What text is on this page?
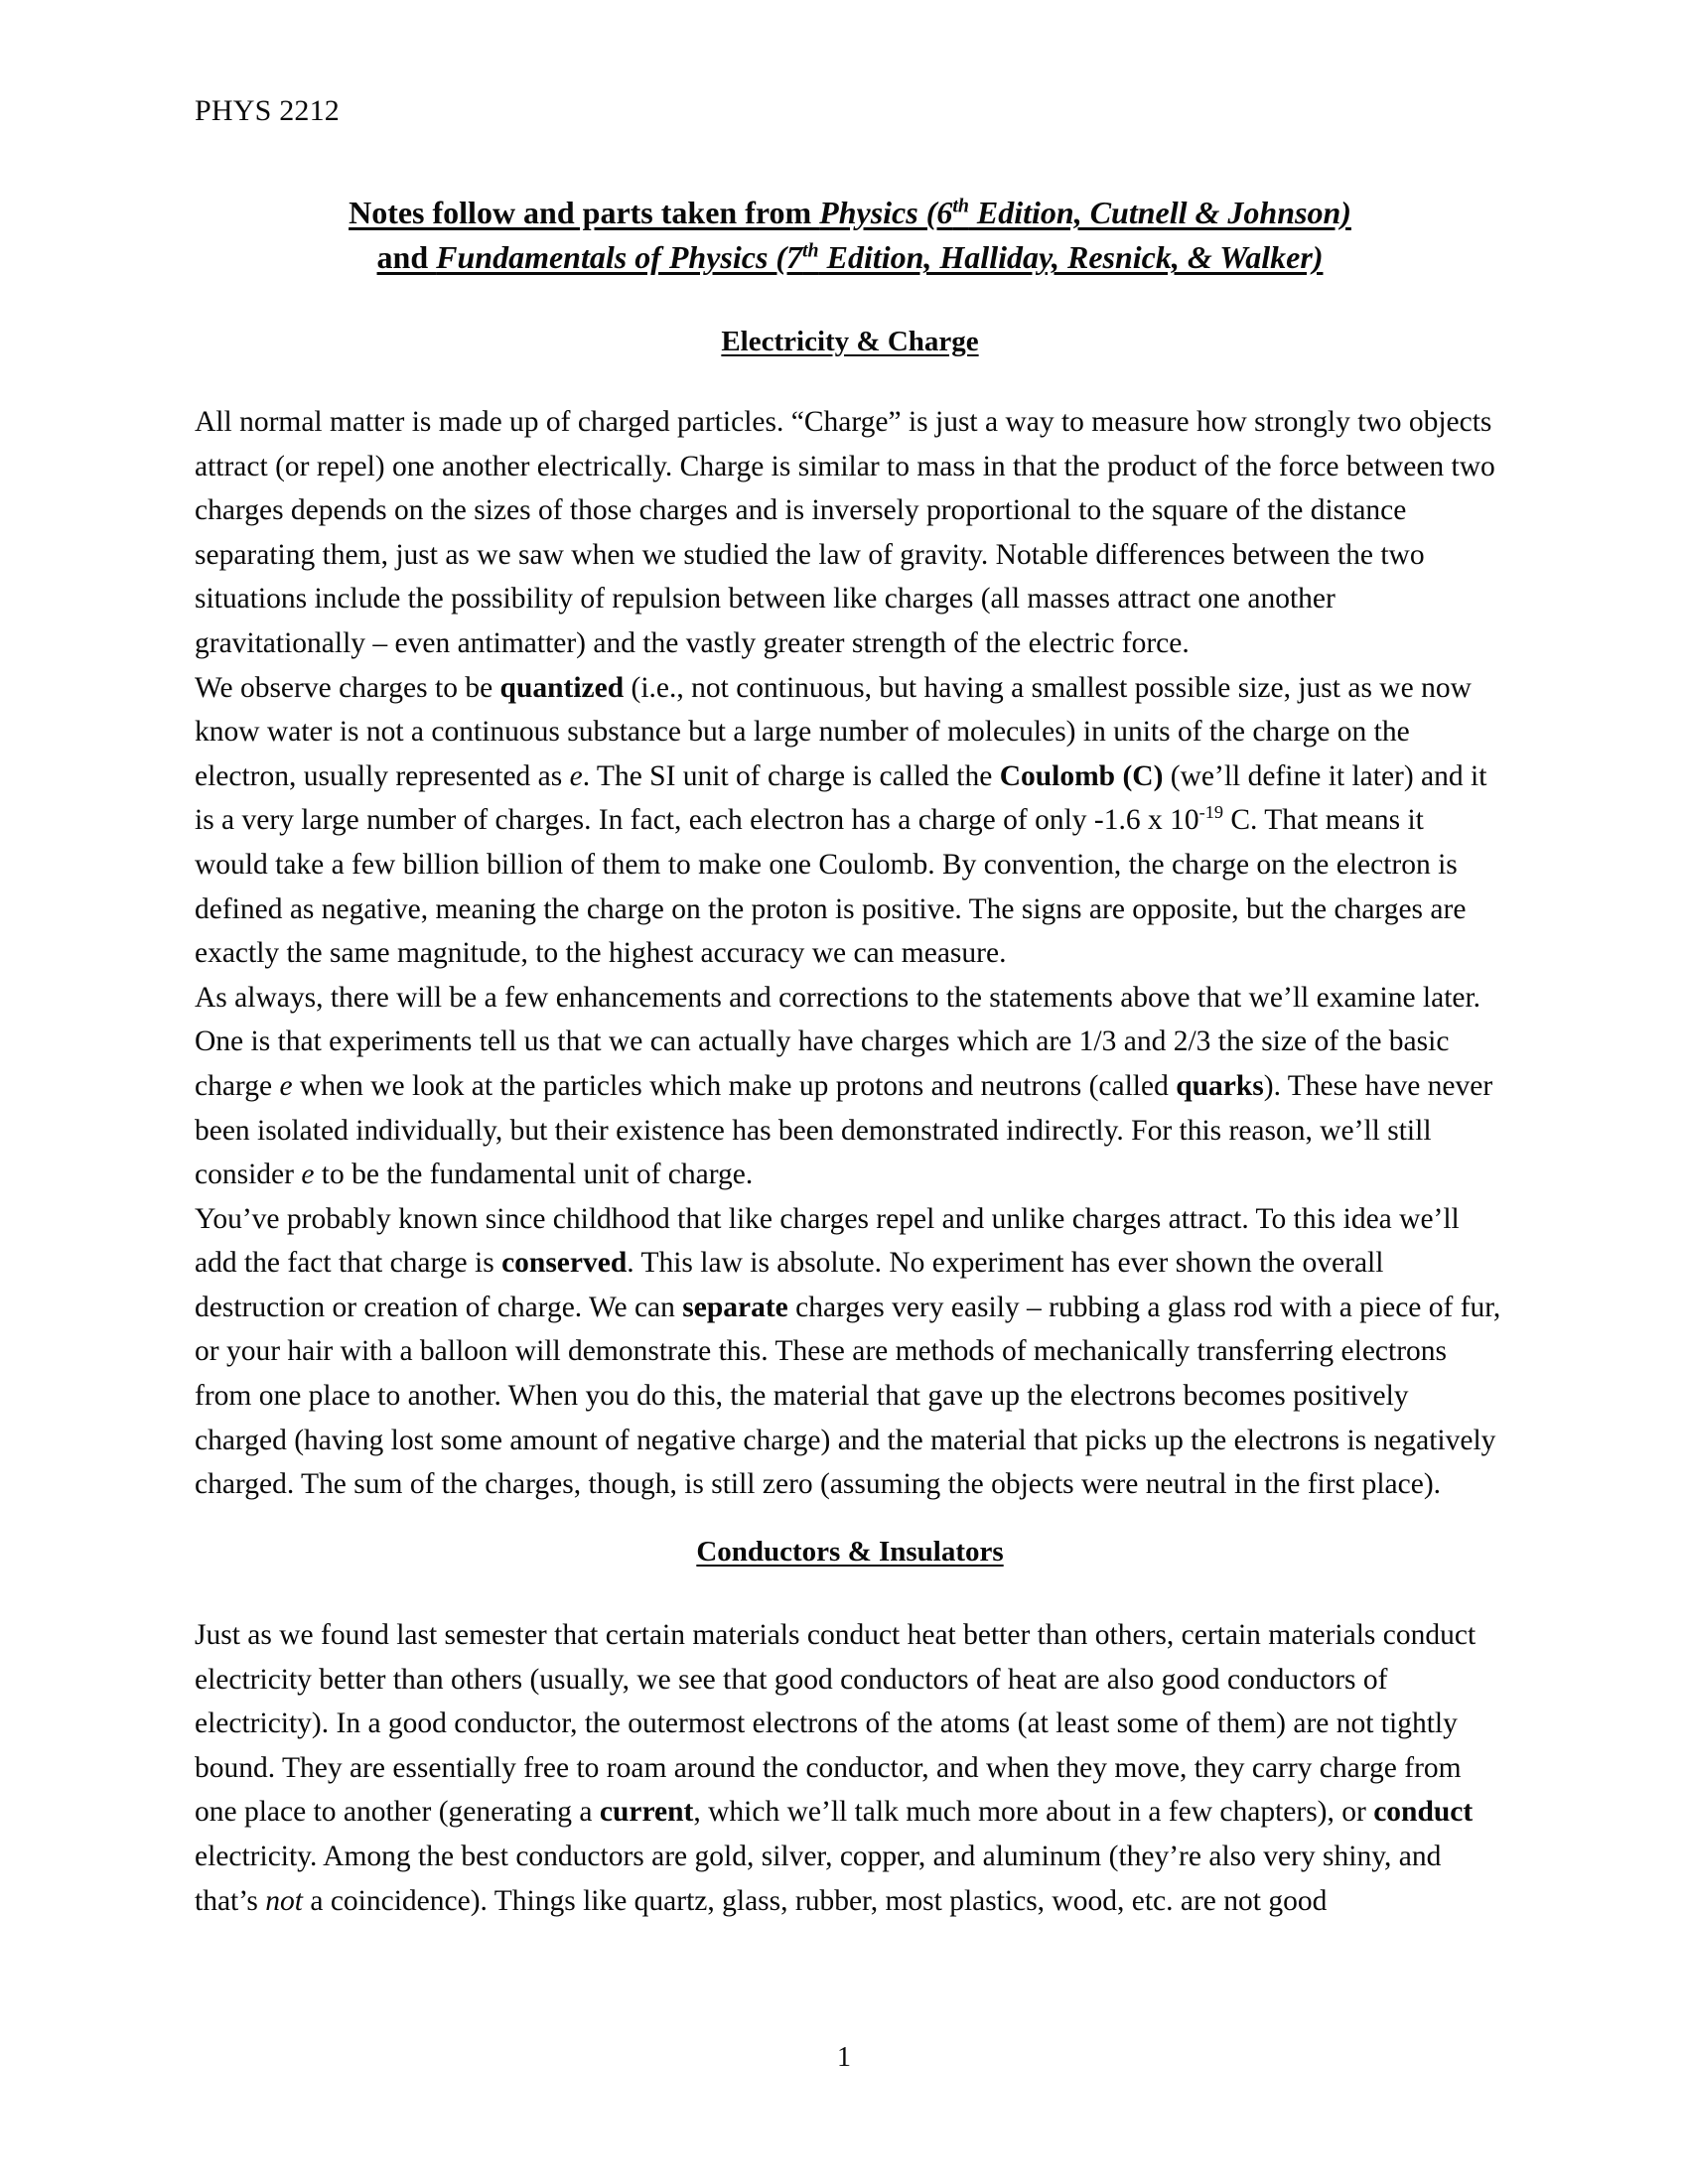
PHYS 2212
Notes follow and parts taken from Physics (6th Edition, Cutnell & Johnson)
and Fundamentals of Physics (7th Edition, Halliday, Resnick, & Walker)
Electricity & Charge

All normal matter is made up of charged particles. “Charge” is just a way to measure how strongly two objects attract (or repel) one another electrically. Charge is similar to mass in that the product of the force between two charges depends on the sizes of those charges and is inversely proportional to the square of the distance separating them, just as we saw when we studied the law of gravity. Notable differences between the two situations include the possibility of repulsion between like charges (all masses attract one another gravitationally – even antimatter) and the vastly greater strength of the electric force.

We observe charges to be quantized (i.e., not continuous, but having a smallest possible size, just as we now know water is not a continuous substance but a large number of molecules) in units of the charge on the electron, usually represented as e. The SI unit of charge is called the Coulomb (C) (we’ll define it later) and it is a very large number of charges. In fact, each electron has a charge of only -1.6 x $10^{-19}$ C. That means it would take a few billion billion of them to make one Coulomb. By convention, the charge on the electron is defined as negative, meaning the charge on the proton is positive. The signs are opposite, but the charges are exactly the same magnitude, to the highest accuracy we can measure.

As always, there will be a few enhancements and corrections to the statements above that we’ll examine later. One is that experiments tell us that we can actually have charges which are 1/3 and 2/3 the size of the basic charge e when we look at the particles which make up protons and neutrons (called quarks). These have never been isolated individually, but their existence has been demonstrated indirectly. For this reason, we’ll still consider e to be the fundamental unit of charge.

You’ve probably known since childhood that like charges repel and unlike charges attract. To this idea we’ll add the fact that charge is conserved. This law is absolute. No experiment has ever shown the overall destruction or creation of charge. We can separate charges very easily – rubbing a glass rod with a piece of fur, or your hair with a balloon will demonstrate this. These are methods of mechanically transferring electrons from one place to another. When you do this, the material that gave up the electrons becomes positively charged (having lost some amount of negative charge) and the material that picks up the electrons is negatively charged. The sum of the charges, though, is still zero (assuming the objects were neutral in the first place).

Conductors & Insulators

Just as we found last semester that certain materials conduct heat better than others, certain materials conduct electricity better than others (usually, we see that good conductors of heat are also good conductors of electricity). In a good conductor, the outermost electrons of the atoms (at least some of them) are not tightly bound. They are essentially free to roam around the conductor, and when they move, they carry charge from one place to another (generating a current, which we’ll talk much more about in a few chapters), or conduct electricity. Among the best conductors are gold, silver, copper, and aluminum (they’re also very shiny, and that’s not a coincidence). Things like quartz, glass, rubber, most plastics, wood, etc. are not good

1
